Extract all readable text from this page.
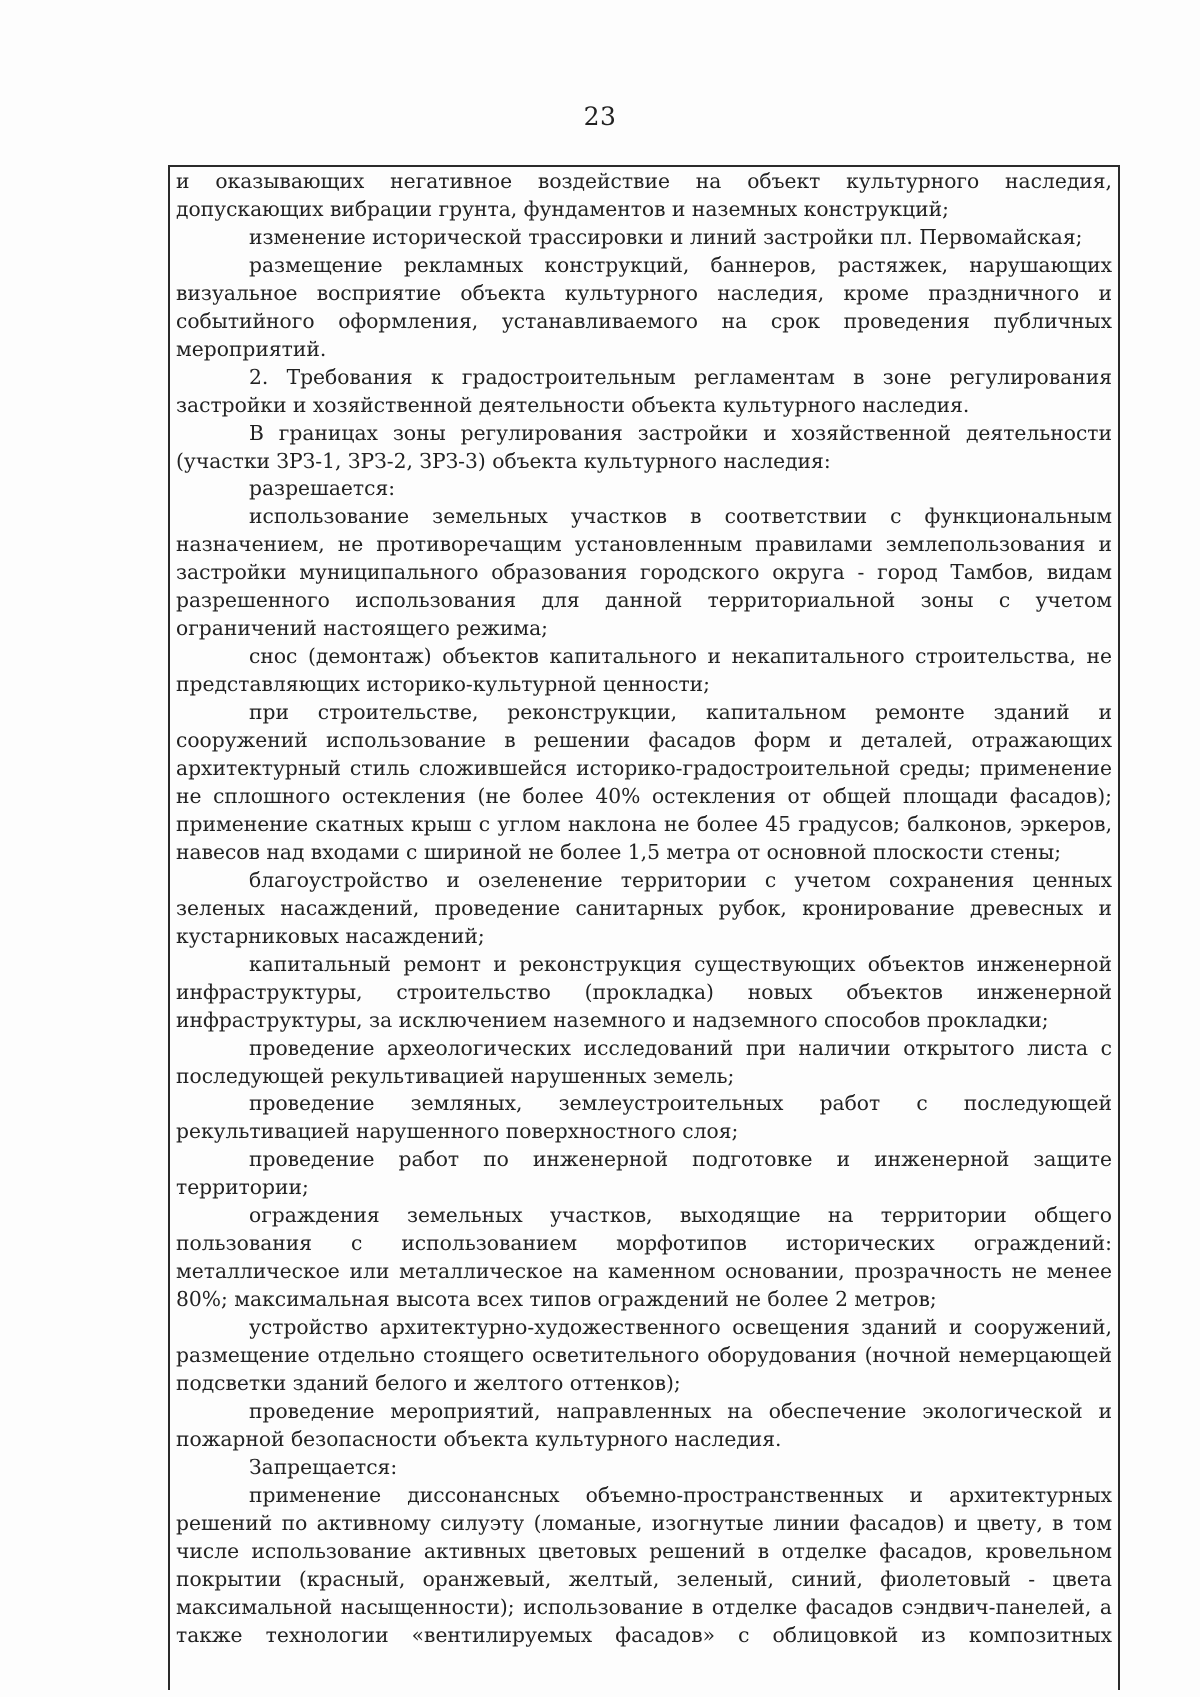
23

и оказывающих негативное воздействие на объект культурного наследия, допускающих вибрации грунта, фундаментов и наземных конструкций;

изменение исторической трассировки и линий застройки пл. Первомайская;

размещение рекламных конструкций, баннеров, растяжек, нарушающих визуальное восприятие объекта культурного наследия, кроме праздничного и событийного оформления, устанавливаемого на срок проведения публичных мероприятий.

2. Требования к градостроительным регламентам в зоне регулирования застройки и хозяйственной деятельности объекта культурного наследия.

В границах зоны регулирования застройки и хозяйственной деятельности (участки ЗРЗ-1, ЗРЗ-2, ЗРЗ-3) объекта культурного наследия:

разрешается:

использование земельных участков в соответствии с функциональным назначением, не противоречащим установленным правилами землепользования и застройки муниципального образования городского округа - город Тамбов, видам разрешенного использования для данной территориальной зоны с учетом ограничений настоящего режима;

снос (демонтаж) объектов капитального и некапитального строительства, не представляющих историко-культурной ценности;

при строительстве, реконструкции, капитальном ремонте зданий и сооружений использование в решении фасадов форм и деталей, отражающих архитектурный стиль сложившейся историко-градостроительной среды; применение не сплошного остекления (не более 40% остекления от общей площади фасадов); применение скатных крыш с углом наклона не более 45 градусов; балконов, эркеров, навесов над входами с шириной не более 1,5 метра от основной плоскости стены;

благоустройство и озеленение территории с учетом сохранения ценных зеленых насаждений, проведение санитарных рубок, кронирование древесных и кустарниковых насаждений;

капитальный ремонт и реконструкция существующих объектов инженерной инфраструктуры, строительство (прокладка) новых объектов инженерной инфраструктуры, за исключением наземного и надземного способов прокладки;

проведение археологических исследований при наличии открытого листа с последующей рекультивацией нарушенных земель;

проведение земляных, землеустроительных работ с последующей рекультивацией нарушенного поверхностного слоя;

проведение работ по инженерной подготовке и инженерной защите территории;

ограждения земельных участков, выходящие на территории общего пользования с использованием морфотипов исторических ограждений: металлическое или металлическое на каменном основании, прозрачность не менее 80%; максимальная высота всех типов ограждений не более 2 метров;

устройство архитектурно-художественного освещения зданий и сооружений, размещение отдельно стоящего осветительного оборудования (ночной немерцающей подсветки зданий белого и желтого оттенков);

проведение мероприятий, направленных на обеспечение экологической и пожарной безопасности объекта культурного наследия.

Запрещается:

применение диссонансных объемно-пространственных и архитектурных решений по активному силуэту (ломаные, изогнутые линии фасадов) и цвету, в том числе использование активных цветовых решений в отделке фасадов, кровельном покрытии (красный, оранжевый, желтый, зеленый, синий, фиолетовый - цвета максимальной насыщенности); использование в отделке фасадов сэндвич-панелей, а также технологии «вентилируемых фасадов» с облицовкой из композитных
